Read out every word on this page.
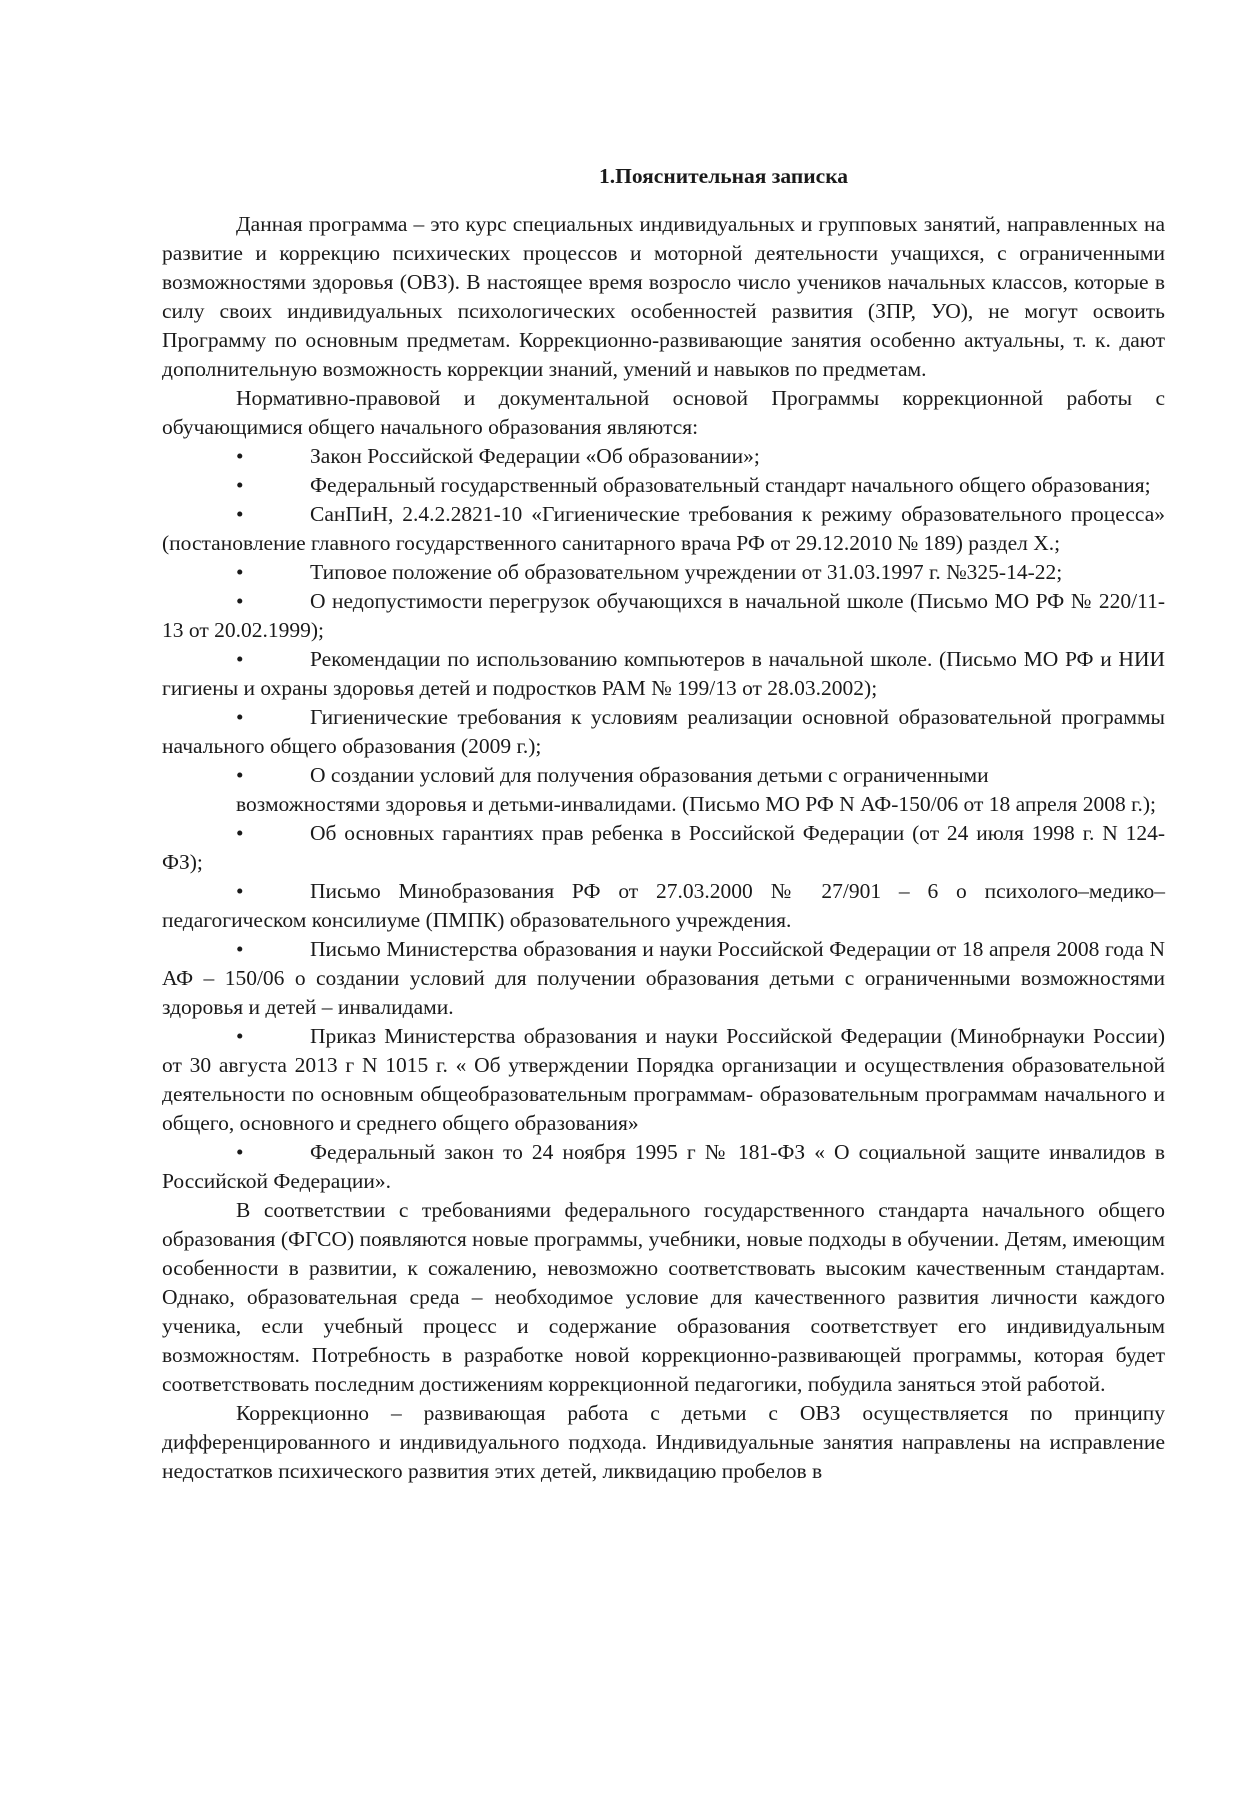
1.Пояснительная записка

Данная программа – это курс специальных индивидуальных и групповых занятий, направленных на развитие и коррекцию психических процессов и моторной деятельности учащихся, с ограниченными возможностями здоровья (ОВЗ). В настоящее время возросло число учеников начальных классов, которые в силу своих индивидуальных психологических особенностей развития (ЗПР, УО), не могут освоить Программу по основным предметам. Коррекционно-развивающие занятия особенно актуальны, т. к. дают дополнительную возможность коррекции знаний, умений и навыков по предметам.

Нормативно-правовой и документальной основой Программы коррекционной работы с обучающимися общего начального образования являются:

•	Закон Российской Федерации «Об образовании»;

•	Федеральный государственный образовательный стандарт начального общего образования;

•	СанПиН, 2.4.2.2821-10 «Гигиенические требования к режиму образовательного процесса» (постановление главного государственного санитарного врача РФ от 29.12.2010 № 189) раздел X.;

•	Типовое положение об образовательном учреждении от 31.03.1997 г. №325-14-22;

•	О недопустимости перегрузок обучающихся в начальной школе (Письмо МО РФ № 220/11-13 от 20.02.1999);

•	Рекомендации по использованию компьютеров в начальной школе. (Письмо МО РФ и НИИ гигиены и охраны здоровья детей и подростков РАМ № 199/13 от 28.03.2002);

•	Гигиенические требования к условиям реализации основной образовательной программы начального общего образования (2009 г.);

•	О создании условий для получения образования детьми с ограниченными

возможностями здоровья и детьми-инвалидами. (Письмо МО РФ N АФ-150/06 от 18 апреля 2008 г.);

•	Об основных гарантиях прав ребенка в Российской Федерации (от 24 июля 1998 г. N 124-ФЗ);

•	Письмо Минобразования РФ от 27.03.2000 № 27/901 – 6 о психолого–медико–педагогическом консилиуме (ПМПК) образовательного учреждения.

•	Письмо Министерства образования и науки Российской Федерации от 18 апреля 2008 года N АФ – 150/06 о создании условий для получении образования детьми с ограниченными возможностями здоровья и детей – инвалидами.

•	Приказ Министерства образования и науки Российской Федерации (Минобрнауки России) от 30 августа 2013 г N 1015 г. « Об утверждении Порядка организации и осуществления образовательной деятельности по основным общеобразовательным программам- образовательным программам начального и общего, основного и среднего общего образования»

•	Федеральный закон то 24 ноября 1995 г № 181-ФЗ « О социальной защите инвалидов в Российской Федерации».

В соответствии с требованиями федерального государственного стандарта начального общего образования (ФГСО) появляются новые программы, учебники, новые подходы в обучении. Детям, имеющим особенности в развитии, к сожалению, невозможно соответствовать высоким качественным стандартам. Однако, образовательная среда – необходимое условие для качественного развития личности каждого ученика, если учебный процесс и содержание образования соответствует его индивидуальным возможностям. Потребность в разработке новой коррекционно-развивающей программы, которая будет соответствовать последним достижениям коррекционной педагогики, побудила заняться этой работой.

Коррекционно – развивающая работа с детьми с ОВЗ осуществляется по принципу дифференцированного и индивидуального подхода. Индивидуальные занятия направлены на исправление недостатков психического развития этих детей, ликвидацию пробелов в
